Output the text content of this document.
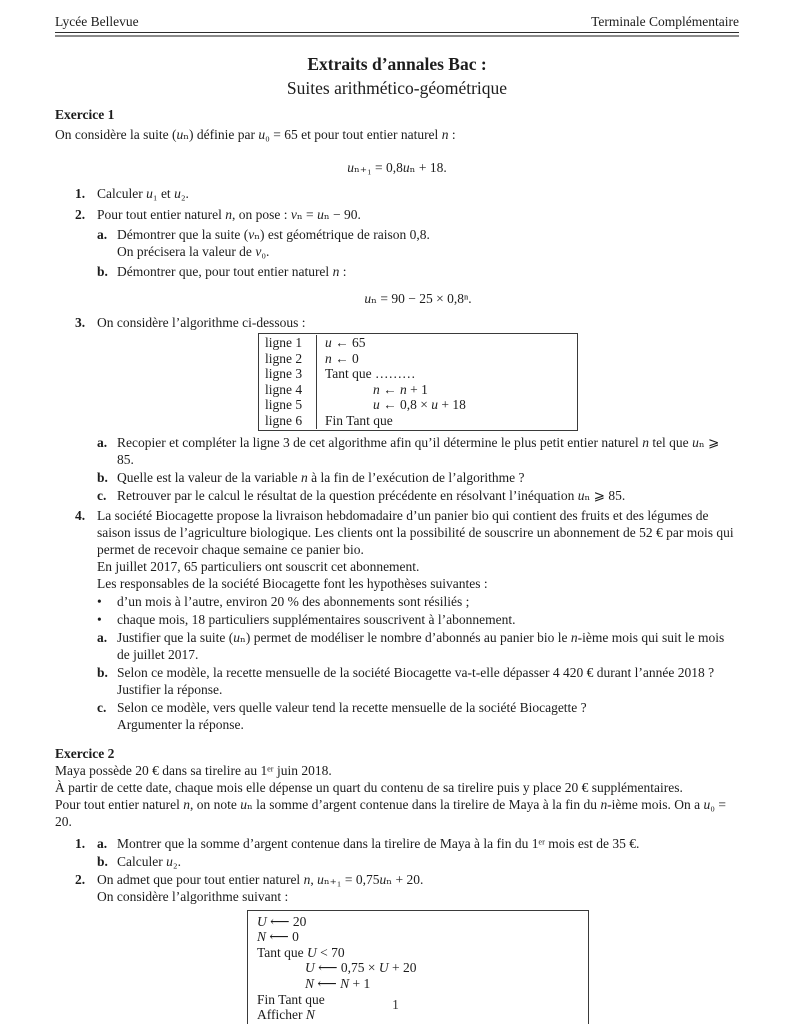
Lycée Bellevue	Terminale Complémentaire
Extraits d’annales Bac :
Suites arithmético-géométrique
Exercice 1
On considère la suite (uₙ) définie par u₀ = 65 et pour tout entier naturel n :
uₙ₊₁ = 0,8uₙ + 18.
1. Calculer u₁ et u₂.
2. Pour tout entier naturel n, on pose : vₙ = uₙ − 90.
a. Démontrer que la suite (vₙ) est géométrique de raison 0,8.
On précisera la valeur de v₀.
b. Démontrer que, pour tout entier naturel n :
uₙ = 90 − 25 × 0,8ⁿ.
3. On considère l’algorithme ci-dessous :
ligne 1	u ← 65
ligne 2	n ← 0
ligne 3	Tant que ………
ligne 4	n ← n + 1
ligne 5	u ← 0,8 × u + 18
ligne 6	Fin Tant que
a. Recopier et compléter la ligne 3 de cet algorithme afin qu’il détermine le plus petit entier naturel n tel que uₙ ⩾ 85.
b. Quelle est la valeur de la variable n à la fin de l’exécution de l’algorithme ?
c. Retrouver par le calcul le résultat de la question précédente en résolvant l’inéquation uₙ ⩾ 85.
4. La société Biocagette propose la livraison hebdomadaire d’un panier bio qui contient des fruits et des légumes de saison issus de l’agriculture biologique. Les clients ont la possibilité de souscrire un abonnement de 52 € par mois qui permet de recevoir chaque semaine ce panier bio.
En juillet 2017, 65 particuliers ont souscrit cet abonnement.
Les responsables de la société Biocagette font les hypothèses suivantes :
•	d’un mois à l’autre, environ 20 % des abonnements sont résiliés ;
•	chaque mois, 18 particuliers supplémentaires souscrivent à l’abonnement.
a. Justifier que la suite (uₙ) permet de modéliser le nombre d’abonnés au panier bio le n-ième mois qui suit le mois de juillet 2017.
b. Selon ce modèle, la recette mensuelle de la société Biocagette va-t-elle dépasser 4 420 € durant l’année 2018 ? Justifier la réponse.
c. Selon ce modèle, vers quelle valeur tend la recette mensuelle de la société Biocagette ?
Argumenter la réponse.
Exercice 2
Maya possède 20 € dans sa tirelire au 1ᵉʳ juin 2018.
À partir de cette date, chaque mois elle dépense un quart du contenu de sa tirelire puis y place 20 € supplémentaires.
Pour tout entier naturel n, on note uₙ la somme d’argent contenue dans la tirelire de Maya à la fin du n-ième mois. On a u₀ = 20.
1. a. Montrer que la somme d’argent contenue dans la tirelire de Maya à la fin du 1ᵉʳ mois est de 35 €.
b. Calculer u₂.
2. On admet que pour tout entier naturel n, uₙ₊₁ = 0,75uₙ + 20.
On considère l’algorithme suivant :
U ⟵ 20
N ⟵ 0
Tant que U < 70
U ⟵ 0,75 × U + 20
N ⟵ N + 1
Fin Tant que
Afficher N
1
